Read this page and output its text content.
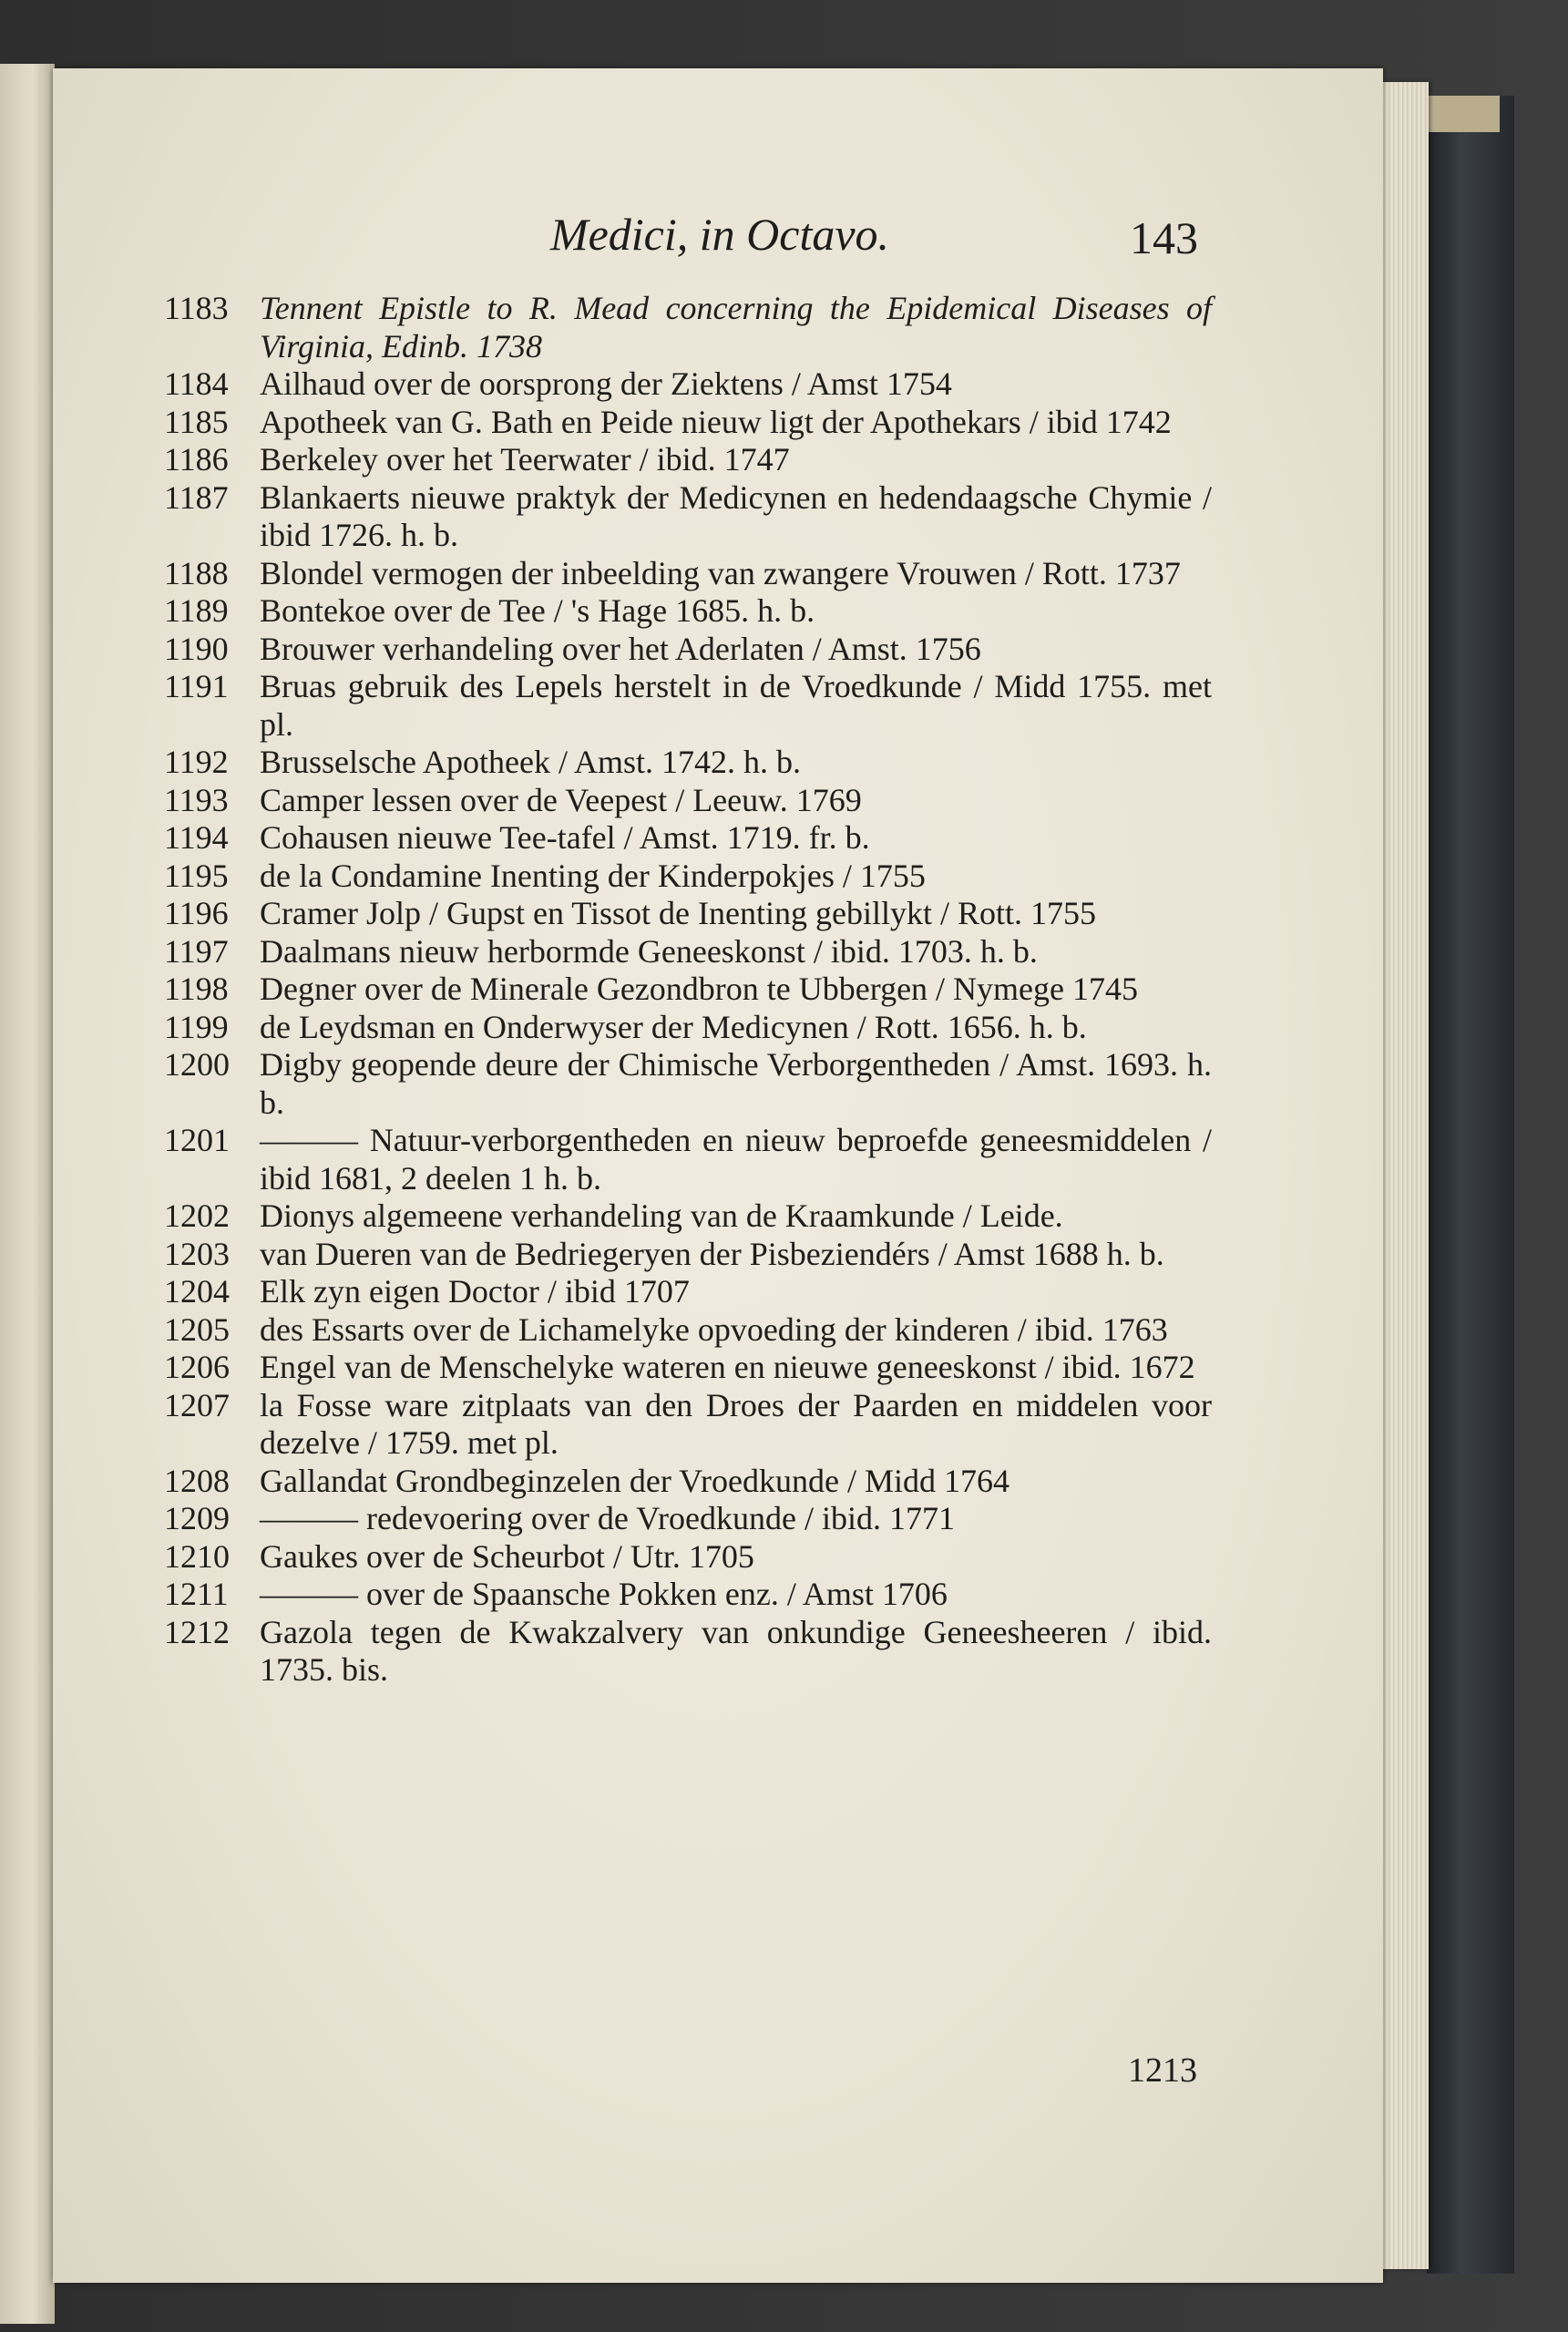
Medici, in Octavo.	143
1183 Tennent Epistle to R. Mead concerning the Epidemical Diseases of Virginia, Edinb. 1738
1184 Ailhaud over de oorsprong der Ziektens / Amst 1754
1185 Apotheek van G. Bath en Peide nieuw ligt der Apothekars / ibid 1742
1186 Berkeley over het Teerwater / ibid. 1747
1187 Blankaerts nieuwe praktyk der Medicynen en hedendaagsche Chymie / ibid 1726. h. b.
1188 Blondel vermogen der inbeelding van zwangere Vrouwen / Rott. 1737
1189 Bontekoe over de Tee / 's Hage 1685. h. b.
1190 Brouwer verhandeling over het Aderlaten / Amst. 1756
1191 Bruas gebruik des Lepels herstelt in de Vroedkunde / Midd 1755. met pl.
1192 Brusselsche Apotheek / Amst. 1742. h. b.
1193 Camper lessen over de Veepest / Leeuw. 1769
1194 Cohausen nieuwe Tee-tafel / Amst. 1719. fr. b.
1195 de la Condamine Inenting der Kinderpokjes / 1755
1196 Cramer Jolp / Gupst en Tissot de Inenting gebillykt / Rott. 1755
1197 Daalmans nieuw herbormde Geneeskonst / ibid. 1703. h. b.
1198 Degner over de Minerale Gezondbron te Ubbergen / Nymege 1745
1199 de Leydsman en Onderwyser der Medicynen / Rott. 1656. h. b.
1200 Digby geopende deure der Chimische Verborgentheden / Amst. 1693. h. b.
1201 ——— Natuur-verborgentheden en nieuw beproefde geneesmiddelen / ibid 1681, 2 deelen 1 h. b.
1202 Dionys algemeene verhandeling van de Kraamkunde / Leide.
1203 van Dueren van de Bedriegeryen der Pisbeziendérs / Amst 1688 h. b.
1204 Elk zyn eigen Doctor / ibid 1707
1205 des Essarts over de Lichamelyke opvoeding der kinderen / ibid. 1763
1206 Engel van de Menschelyke wateren en nieuwe geneeskonst / ibid. 1672
1207 la Fosse ware zitplaats van den Droes der Paarden en middelen voor dezelve / 1759. met pl.
1208 Gallandat Grondbeginzelen der Vroedkunde / Midd 1764
1209 ——— redevoering over de Vroedkunde / ibid. 1771
1210 Gaukes over de Scheurbot / Utr. 1705
1211 ——— over de Spaansche Pokken enz. / Amst 1706
1212 Gazola tegen de Kwakzalvery van onkundige Geneesheeren / ibid. 1735. bis.
1213
